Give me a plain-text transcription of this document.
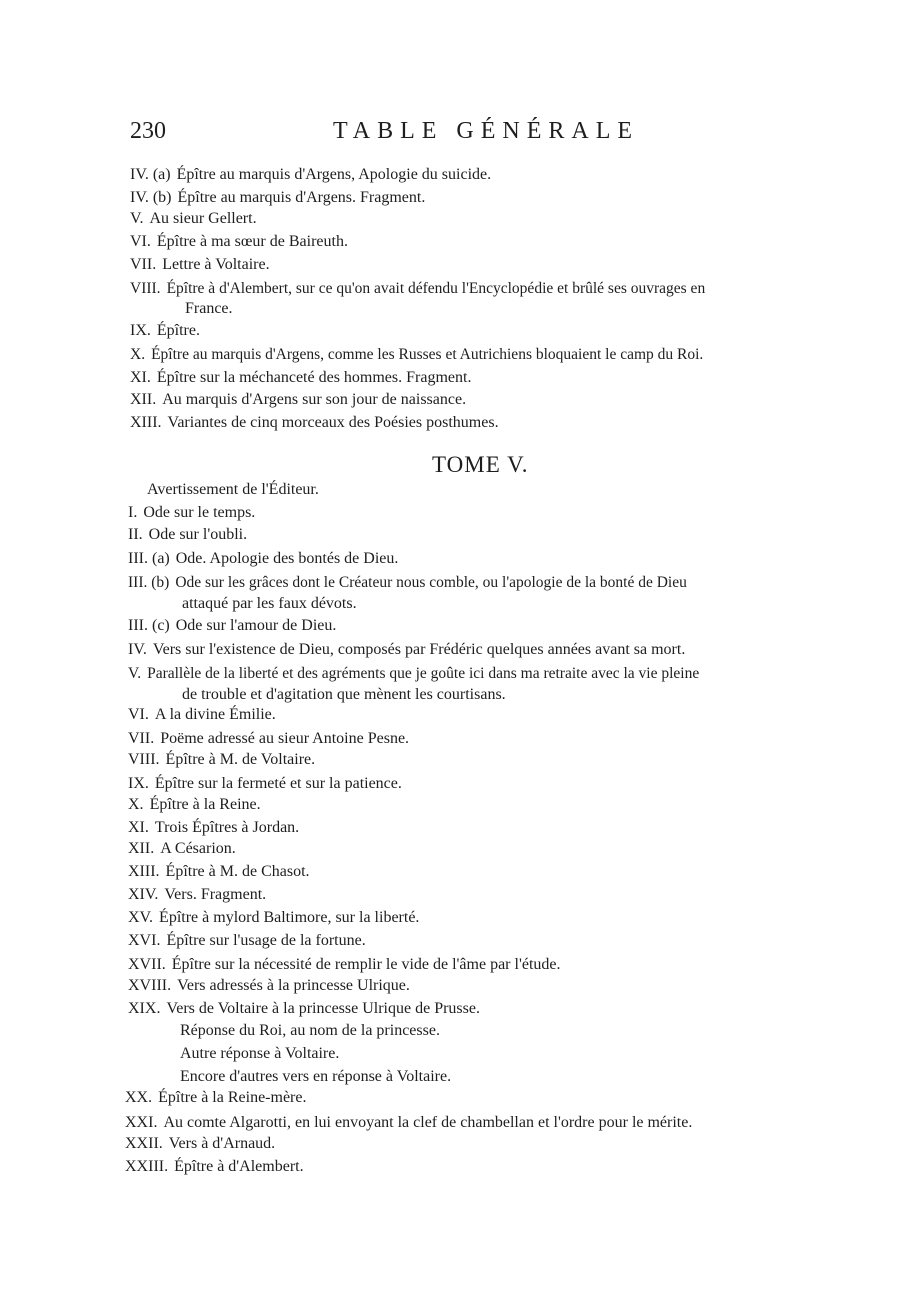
230	TABLE GÉNÉRALE
IV. (a) Épître au marquis d'Argens, Apologie du suicide.
IV. (b) Épître au marquis d'Argens. Fragment.
V. Au sieur Gellert.
VI. Épître à ma sœur de Baireuth.
VII. Lettre à Voltaire.
VIII. Épître à d'Alembert, sur ce qu'on avait défendu l'Encyclopédie et brûlé ses ouvrages en
France.
IX. Épître.
X. Épître au marquis d'Argens, comme les Russes et Autrichiens bloquaient le camp du Roi.
XI. Épître sur la méchanceté des hommes. Fragment.
XII. Au marquis d'Argens sur son jour de naissance.
XIII. Variantes de cinq morceaux des Poésies posthumes.
TOME V.
Avertissement de l'Éditeur.
I. Ode sur le temps.
II. Ode sur l'oubli.
III. (a) Ode. Apologie des bontés de Dieu.
III. (b) Ode sur les grâces dont le Créateur nous comble, ou l'apologie de la bonté de Dieu
attaqué par les faux dévots.
III. (c) Ode sur l'amour de Dieu.
IV. Vers sur l'existence de Dieu, composés par Frédéric quelques années avant sa mort.
V. Parallèle de la liberté et des agréments que je goûte ici dans ma retraite avec la vie pleine
de trouble et d'agitation que mènent les courtisans.
VI. A la divine Émilie.
VII. Poëme adressé au sieur Antoine Pesne.
VIII. Épître à M. de Voltaire.
IX. Épître sur la fermeté et sur la patience.
X. Épître à la Reine.
XI. Trois Épîtres à Jordan.
XII. A Césarion.
XIII. Épître à M. de Chasot.
XIV. Vers. Fragment.
XV. Épître à mylord Baltimore, sur la liberté.
XVI. Épître sur l'usage de la fortune.
XVII. Épître sur la nécessité de remplir le vide de l'âme par l'étude.
XVIII. Vers adressés à la princesse Ulrique.
XIX. Vers de Voltaire à la princesse Ulrique de Prusse.
Réponse du Roi, au nom de la princesse.
Autre réponse à Voltaire.
Encore d'autres vers en réponse à Voltaire.
XX. Épître à la Reine-mère.
XXI. Au comte Algarotti, en lui envoyant la clef de chambellan et l'ordre pour le mérite.
XXII. Vers à d'Arnaud.
XXIII. Épître à d'Alembert.
